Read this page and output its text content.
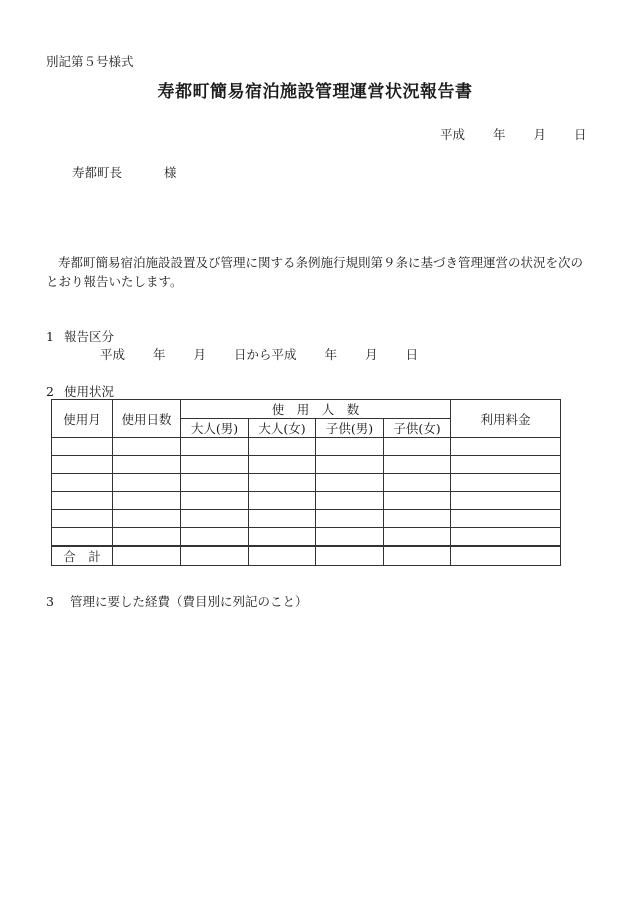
別記第５号様式
寿都町簡易宿泊施設管理運営状況報告書
平成 年 月 日
寿都町長	様
寿都町簡易宿泊施設設置及び管理に関する条例施行規則第９条に基づき管理運営の状況を次のとおり報告いたします。
1 報告区分
平成 年 月 日から平成 年 月 日
2 使用状況
使用月	使用日数	使　用　人　数				利用料金
		大人(男)	大人(女)	子供(男)	子供(女)	

合　計						
3 管理に要した経費（費目別に列記のこと）
